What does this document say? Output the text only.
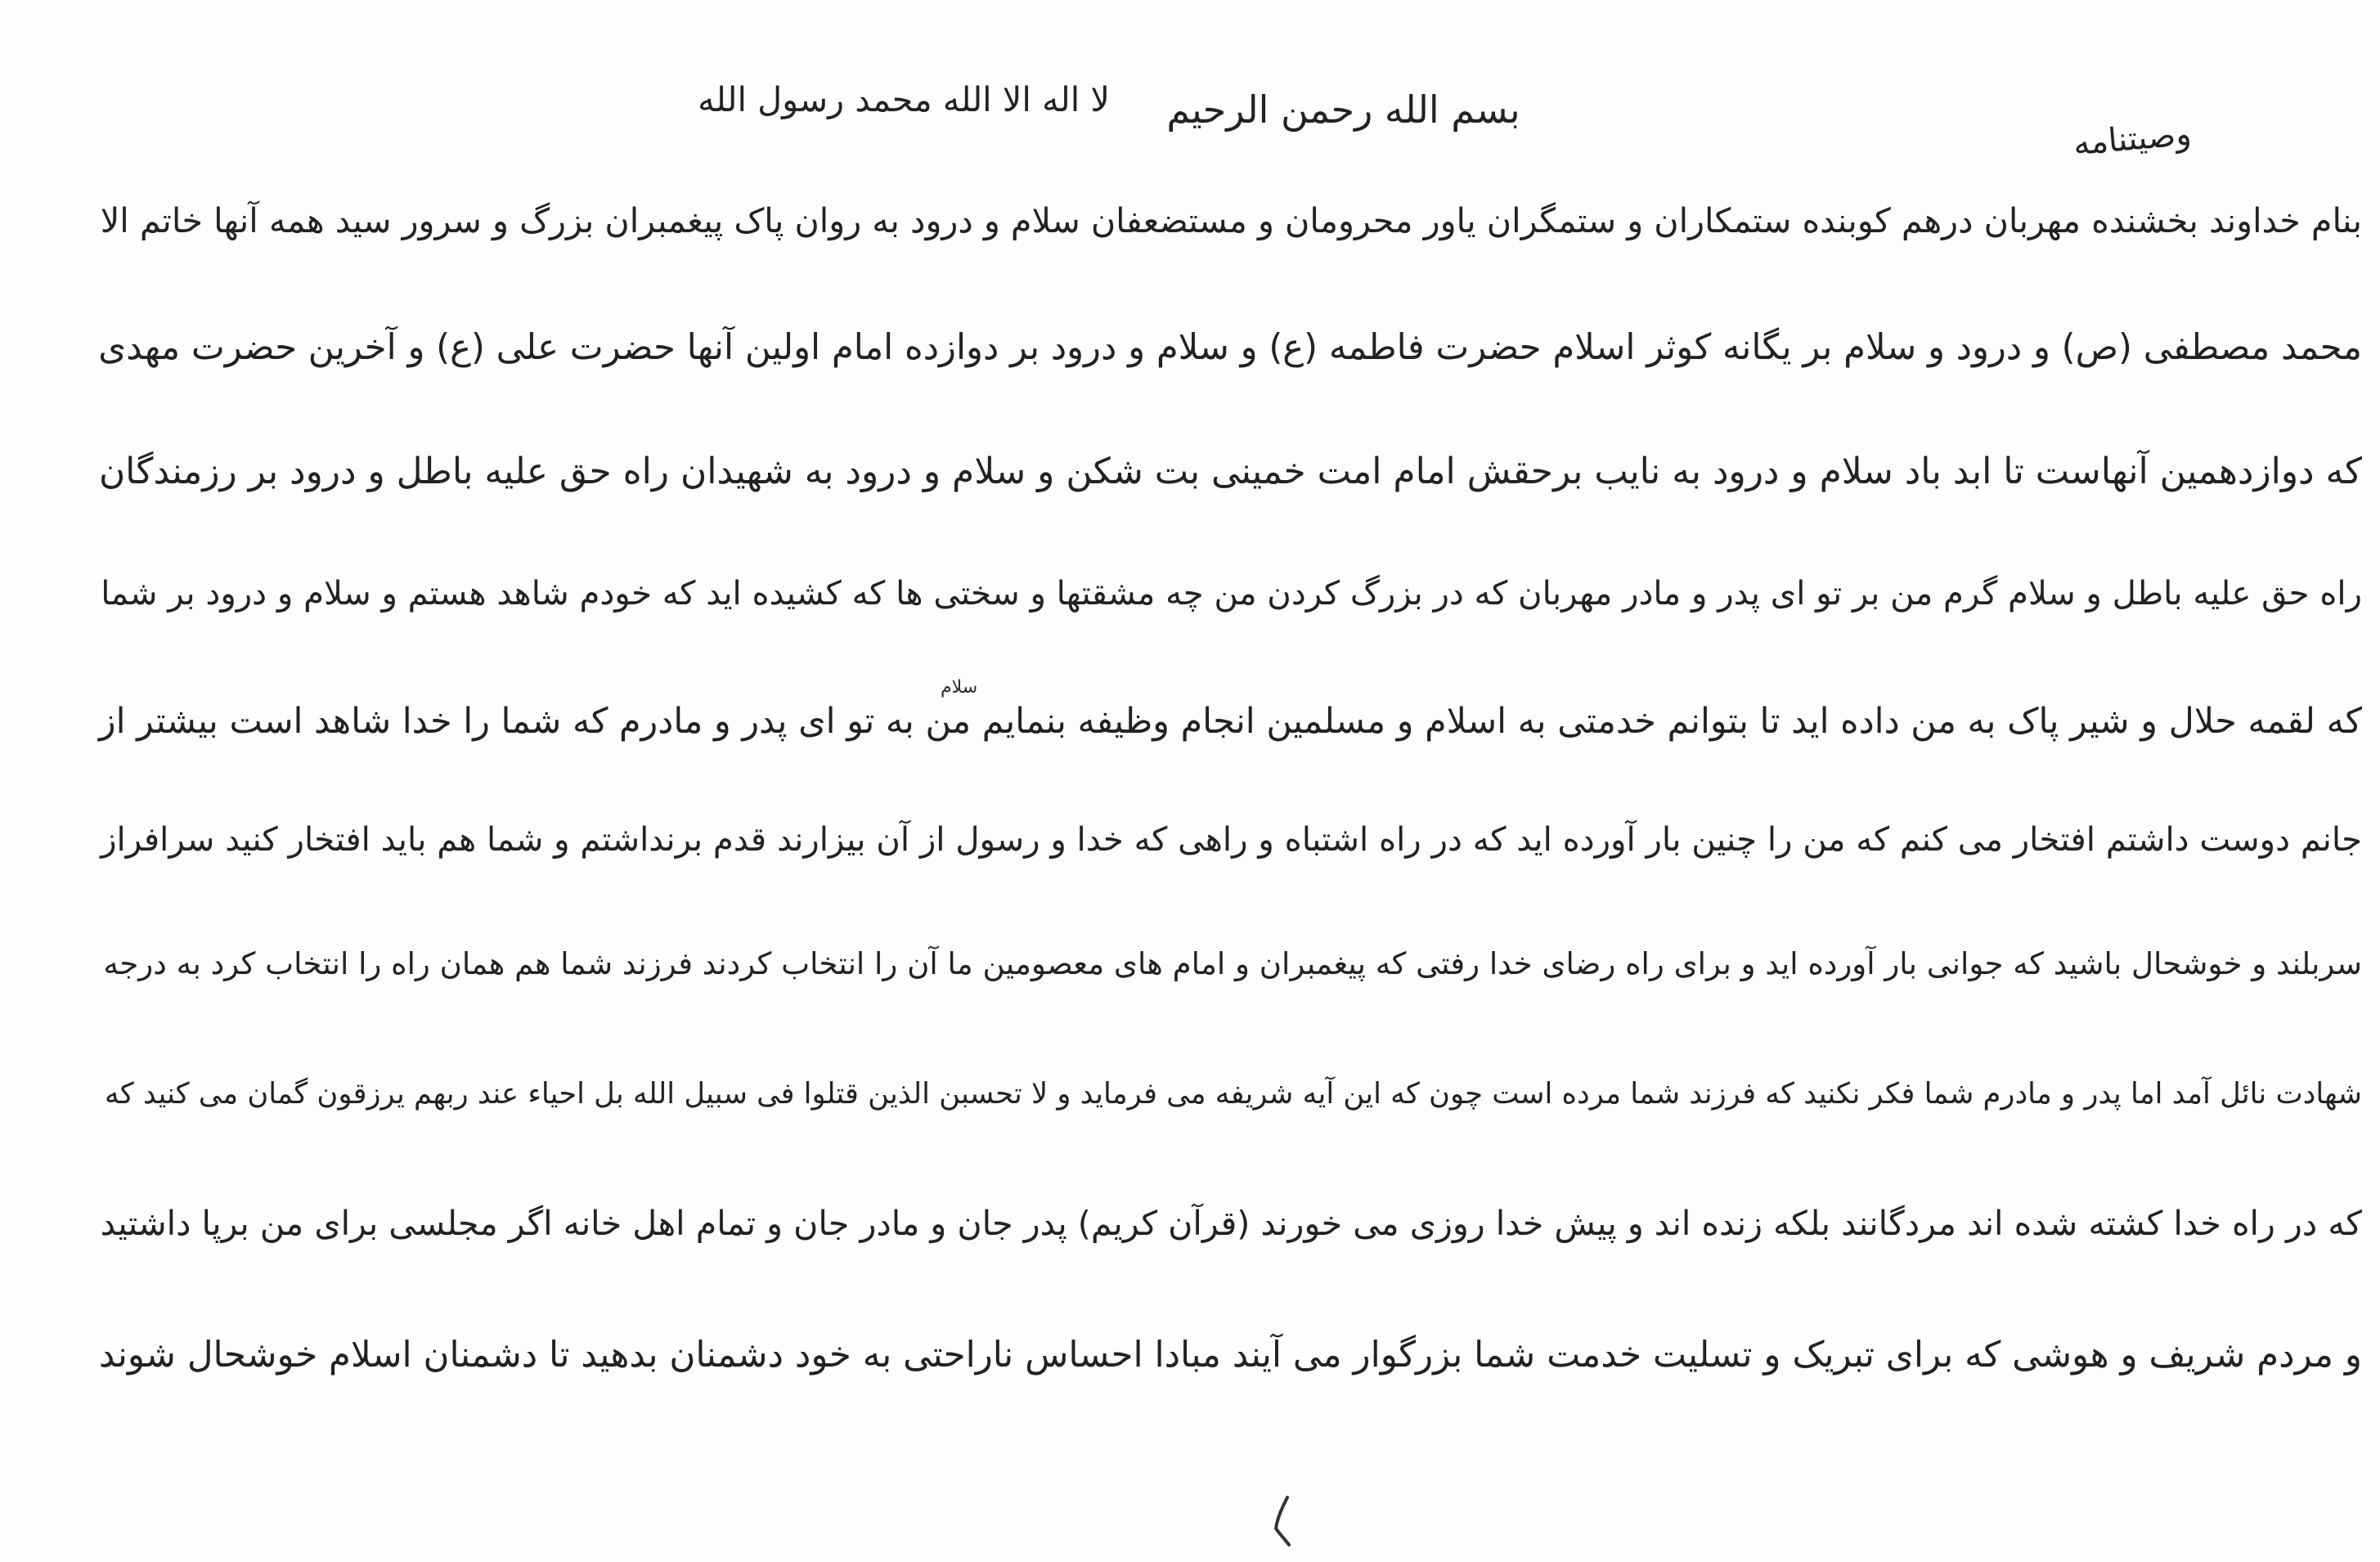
لا اله الا الله محمد رسول الله	بسم الله رحمن الرحیم
وصیتنامه
بنام خداوند بخشنده مهربان درهم کوبنده ستمکاران و ستمگران یاور محرومان و مستضعفان سلام و درود به روان پاک پیغمبران بزرگ و سرور سید همه آنها خاتم الا
محمد مصطفی (ص) و درود و سلام بر یگانه کوثر اسلام حضرت فاطمه (ع) و سلام و درود بر دوازده امام اولین آنها حضرت علی (ع) و آخرین حضرت مهدی
که دوازدهمین آنهاست تا ابد باد سلام و درود به نایب برحقش امام امت خمینی بت شکن و سلام و درود به شهیدان راه حق علیه باطل و درود بر رزمندگان
راه حق علیه باطل و سلام گرم من بر تو ای پدر و مادر مهربان که در بزرگ کردن من چه مشقتها و سختی ها که کشیده اید که خودم شاهد هستم و سلام و درود بر شما
که لقمه حلال و شیر پاک به من داده اید تا بتوانم خدمتی به اسلام و مسلمین انجام وظیفه بنمایم من به تو ای پدر و مادرم که شما را خدا شاهد است بیشتر از
جانم دوست داشتم افتخار می کنم که من را چنین بار آورده اید که در راه اشتباه و راهی که خدا و رسول از آن بیزارند قدم برنداشتم و شما هم باید افتخار کنید سرافراز
سربلند و خوشحال باشید که جوانی بار آورده اید و برای راه رضای خدا رفتی که پیغمبران و امام های معصومین ما آن را انتخاب کردند فرزند شما هم همان راه را انتخاب کرد به درجه
شهادت نائل آمد اما پدر و مادرم شما فکر نکنید که فرزند شما مرده است چون که این آیه شریفه می فرماید و لا تحسبن الذین قتلوا فی سبیل الله بل احیاء عند ربهم یرزقون گمان می کنید که
که در راه خدا کشته شده اند مردگانند بلکه زنده اند و پیش خدا روزی می خورند (قرآن کریم) پدر جان و مادر جان و تمام اهل خانه اگر مجلسی برای من برپا داشتید
و مردم شریف و هوشی که برای تبریک و تسلیت خدمت شما بزرگوار می آیند مبادا احساس ناراحتی به خود دشمنان بدهید تا دشمنان اسلام خوشحال شوند
سلام
